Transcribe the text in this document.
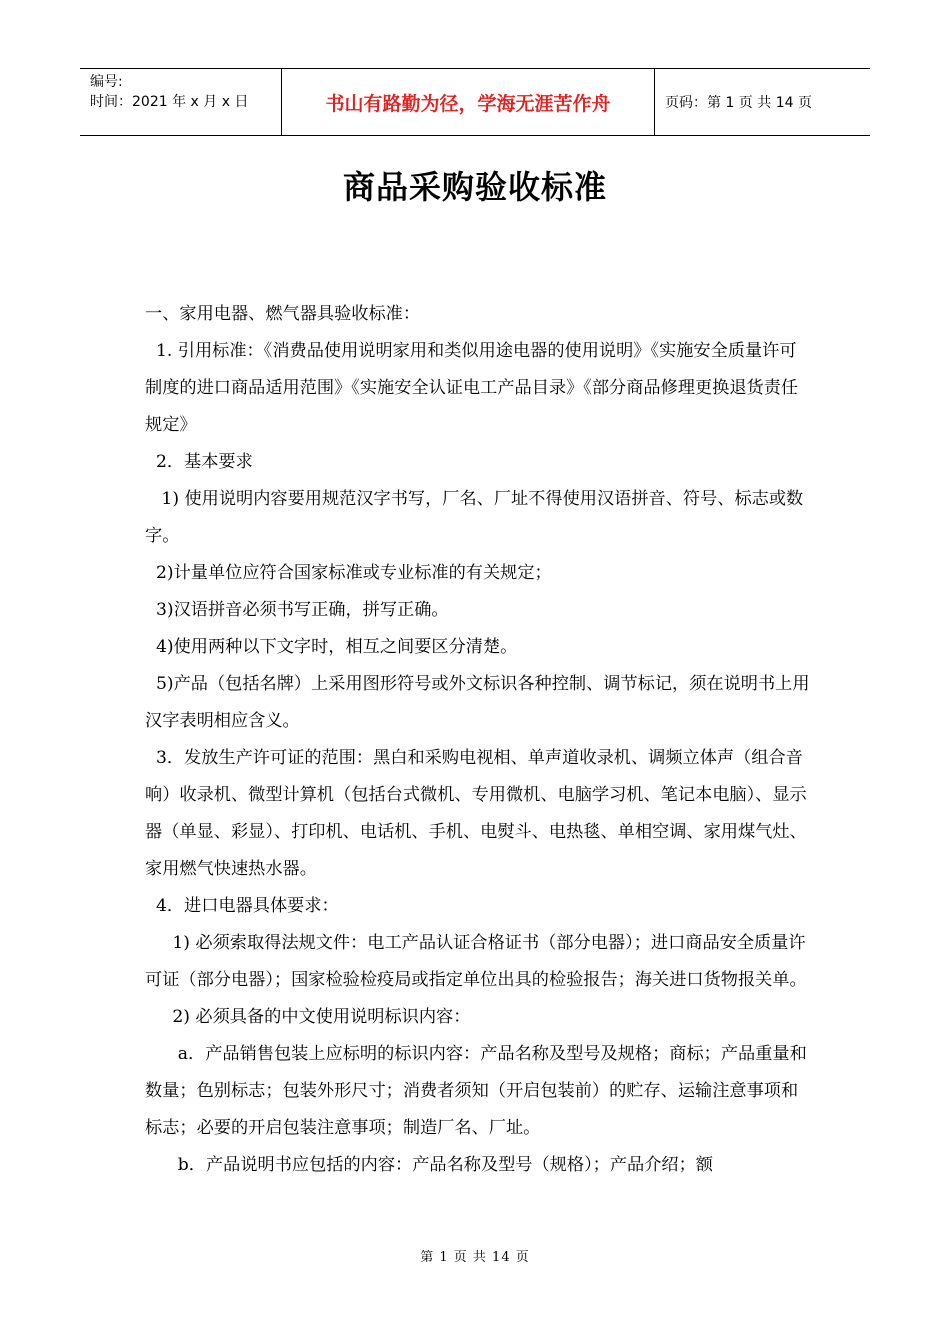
编号:
时间：2021 年 x 月 x 日	书山有路勤为径，学海无涯苦作舟	页码：第 1 页 共 14 页
商品采购验收标准

一、家用电器、燃气器具验收标准：

1. 引用标准：《消费品使用说明家用和类似用途电器的使用说明》《实施安全质量许可制度的进口商品适用范围》《实施安全认证电工产品目录》《部分商品修理更换退货责任规定》

2．基本要求

1) 使用说明内容要用规范汉字书写，厂名、厂址不得使用汉语拼音、符号、标志或数字。

2)计量单位应符合国家标准或专业标准的有关规定；

3)汉语拼音必须书写正确，拼写正确。

4)使用两种以下文字时，相互之间要区分清楚。

5)产品（包括名牌）上采用图形符号或外文标识各种控制、调节标记，须在说明书上用汉字表明相应含义。

3．发放生产许可证的范围：黑白和采购电视相、单声道收录机、调频立体声（组合音响）收录机、微型计算机（包括台式微机、专用微机、电脑学习机、笔记本电脑）、显示器（单显、彩显）、打印机、电话机、手机、电熨斗、电热毯、单相空调、家用煤气灶、家用燃气快速热水器。

4．进口电器具体要求：

1) 必须索取得法规文件：电工产品认证合格证书（部分电器）；进口商品安全质量许可证（部分电器）；国家检验检疫局或指定单位出具的检验报告；海关进口货物报关单。

2) 必须具备的中文使用说明标识内容：

a．产品销售包装上应标明的标识内容：产品名称及型号及规格；商标；产品重量和数量；色别标志；包装外形尺寸；消费者须知（开启包装前）的贮存、运输注意事项和标志；必要的开启包装注意事项；制造厂名、厂址。

b．产品说明书应包括的内容：产品名称及型号（规格）；产品介绍；额

第 1 页 共 14 页
